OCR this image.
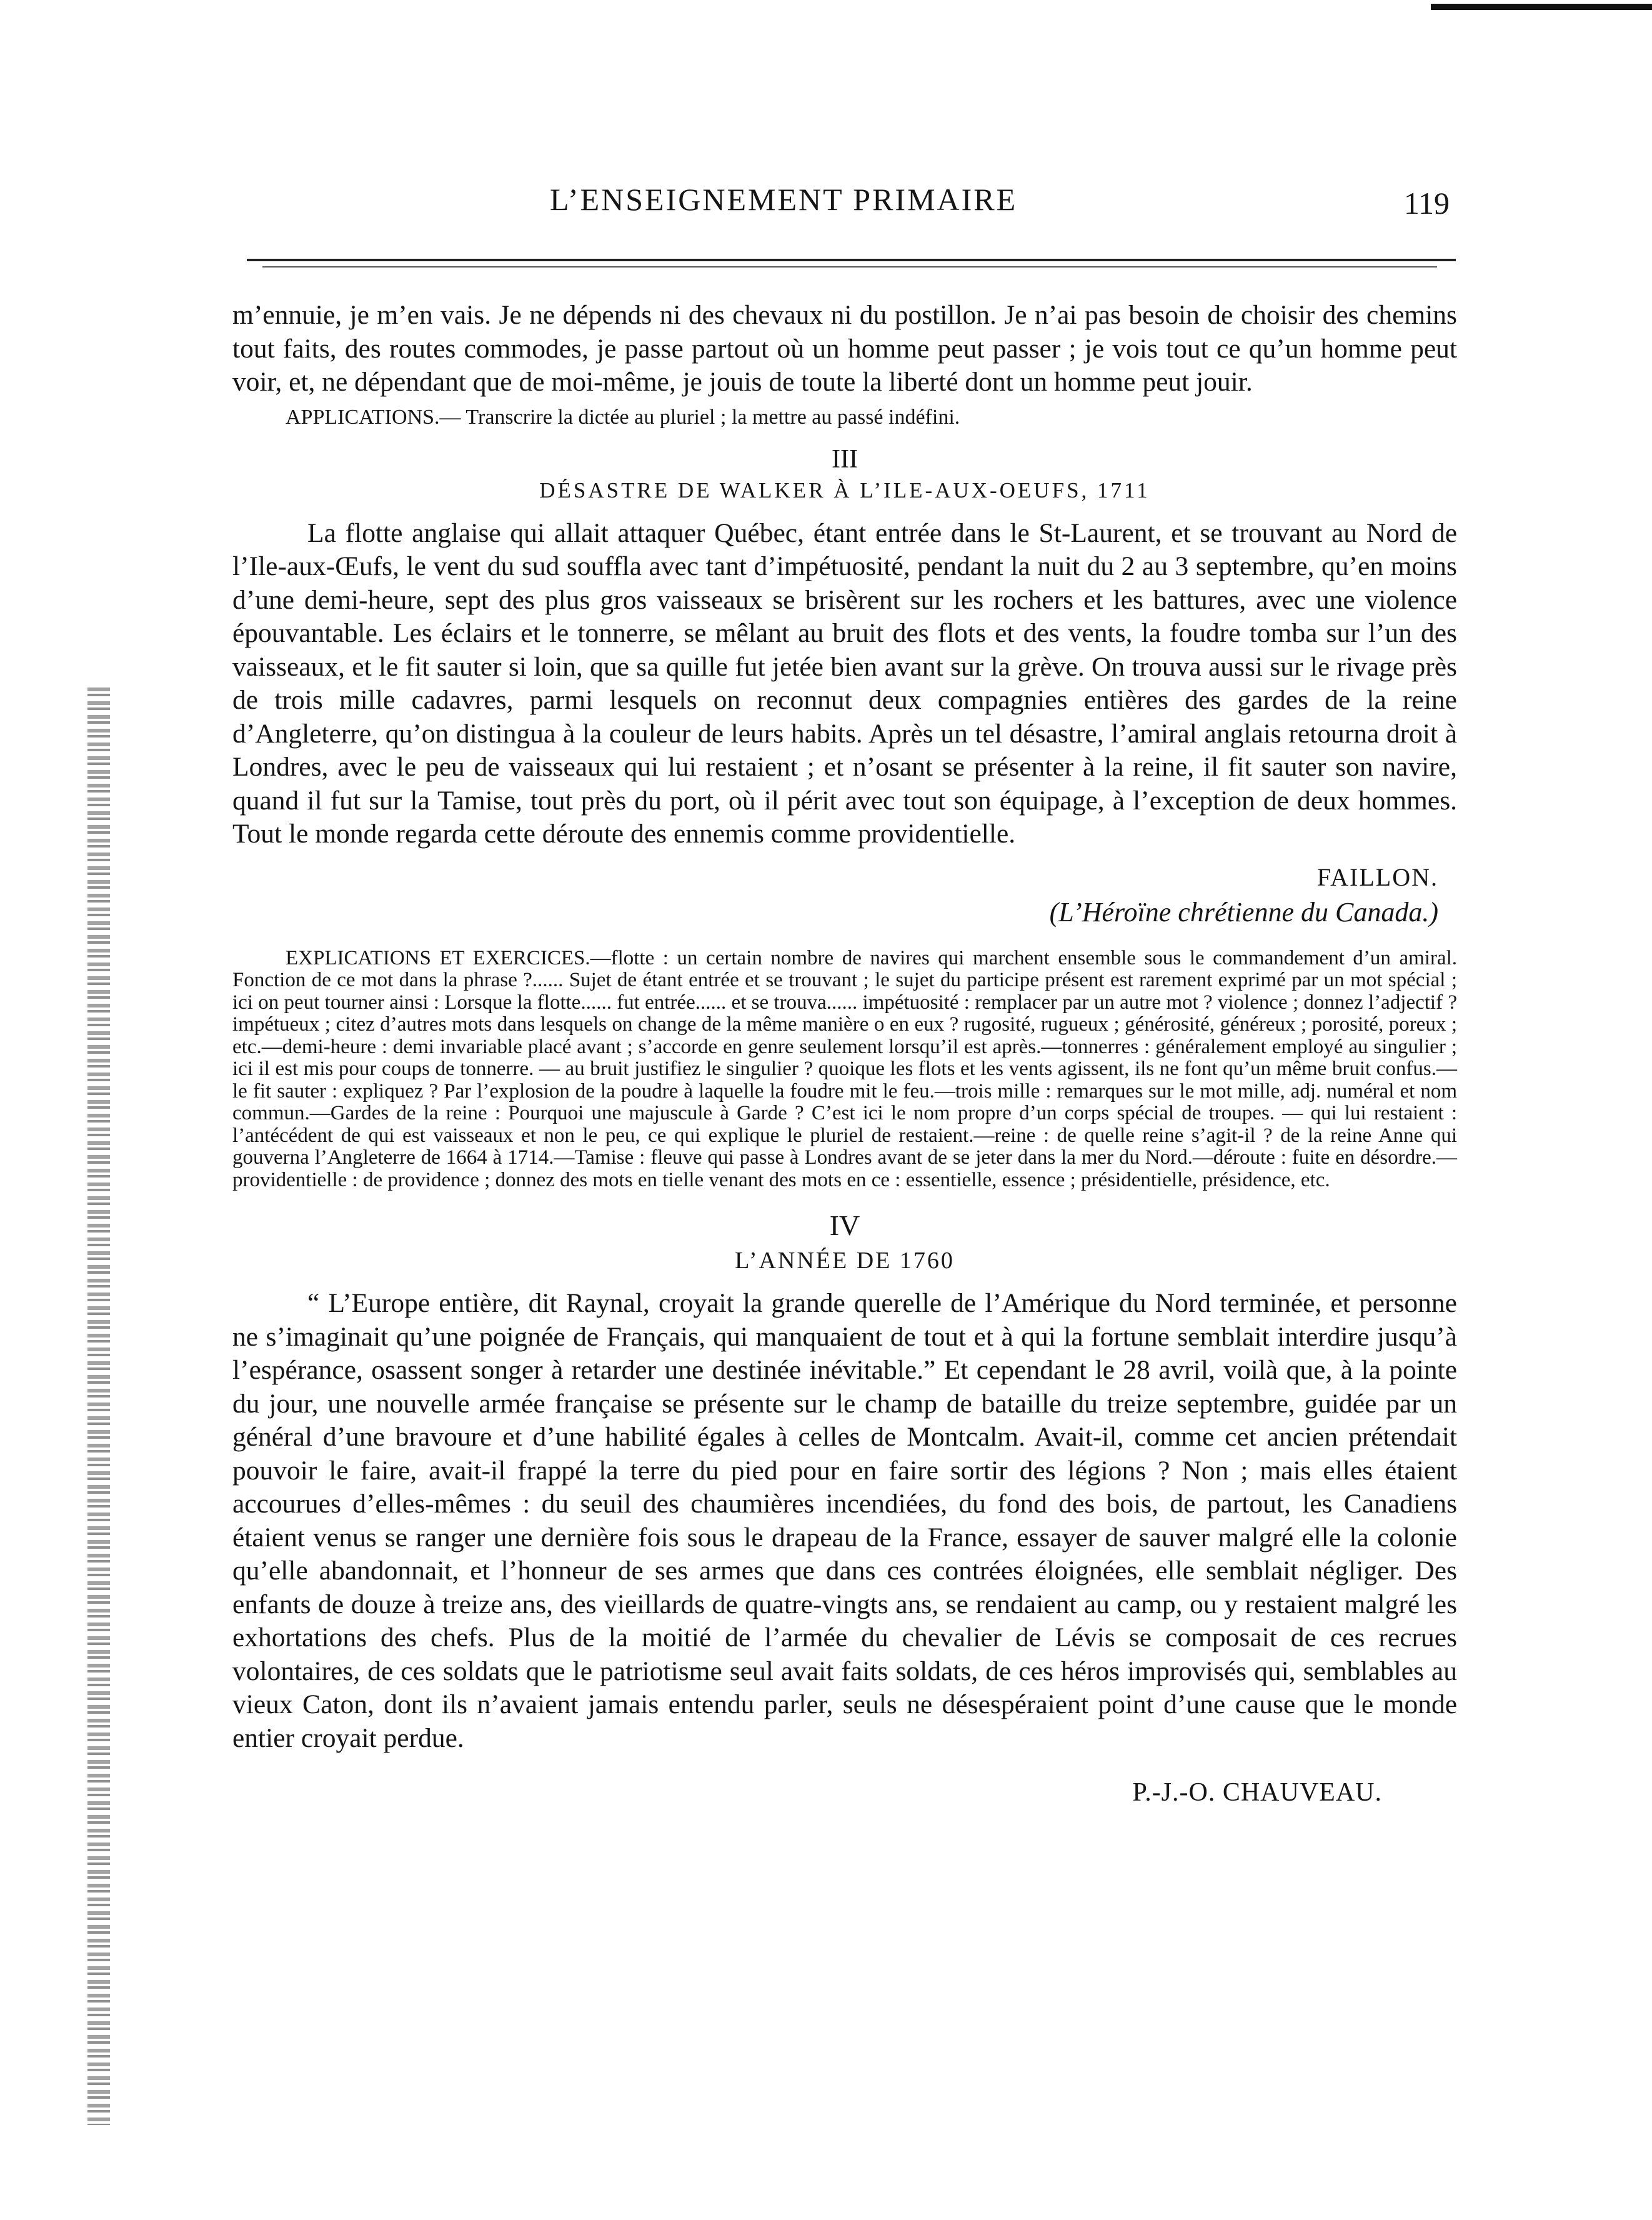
L’ENSEIGNEMENT PRIMAIRE	119

m’ennuie, je m’en vais. Je ne dépends ni des chevaux ni du postillon. Je n’ai pas besoin de choisir des chemins tout faits, des routes commodes, je passe partout où un homme peut passer ; je vois tout ce qu’un homme peut voir, et, ne dépendant que de moi-même, je jouis de toute la liberté dont un homme peut jouir.

APPLICATIONS.— Transcrire la dictée au pluriel ; la mettre au passé indéfini.

III
DÉSASTRE DE WALKER À L’ILE-AUX-OEUFS, 1711

La flotte anglaise qui allait attaquer Québec, étant entrée dans le St-Laurent, et se trouvant au Nord de l’Ile-aux-Œufs, le vent du sud souffla avec tant d’impétuosité, pendant la nuit du 2 au 3 septembre, qu’en moins d’une demi-heure, sept des plus gros vaisseaux se brisèrent sur les rochers et les battures, avec une violence épouvantable. Les éclairs et le tonnerre, se mêlant au bruit des flots et des vents, la foudre tomba sur l’un des vaisseaux, et le fit sauter si loin, que sa quille fut jetée bien avant sur la grève. On trouva aussi sur le rivage près de trois mille cadavres, parmi lesquels on reconnut deux compagnies entières des gardes de la reine d’Angleterre, qu’on distingua à la couleur de leurs habits. Après un tel désastre, l’amiral anglais retourna droit à Londres, avec le peu de vaisseaux qui lui restaient ; et n’osant se présenter à la reine, il fit sauter son navire, quand il fut sur la Tamise, tout près du port, où il périt avec tout son équipage, à l’exception de deux hommes. Tout le monde regarda cette déroute des ennemis comme providentielle.

FAILLON.
(L’Héroïne chrétienne du Canada.)

EXPLICATIONS ET EXERCICES.—flotte : un certain nombre de navires qui marchent ensemble sous le commandement d’un amiral. Fonction de ce mot dans la phrase ?...... Sujet de étant entrée et se trouvant ; le sujet du participe présent est rarement exprimé par un mot spécial ; ici on peut tourner ainsi : Lorsque la flotte...... fut entrée...... et se trouva...... impétuosité : remplacer par un autre mot ? violence ; donnez l’adjectif ? impétueux ; citez d’autres mots dans lesquels on change de la même manière o en eux ? rugosité, rugueux ; générosité, généreux ; porosité, poreux ; etc.—demi-heure : demi invariable placé avant ; s’accorde en genre seulement lorsqu’il est après.—tonnerres : généralement employé au singulier ; ici il est mis pour coups de tonnerre. — au bruit justifiez le singulier ? quoique les flots et les vents agissent, ils ne font qu’un même bruit confus.—le fit sauter : expliquez ? Par l’explosion de la poudre à laquelle la foudre mit le feu.—trois mille : remarques sur le mot mille, adj. numéral et nom commun.—Gardes de la reine : Pourquoi une majuscule à Garde ? C’est ici le nom propre d’un corps spécial de troupes. — qui lui restaient : l’antécédent de qui est vaisseaux et non le peu, ce qui explique le pluriel de restaient.—reine : de quelle reine s’agit-il ? de la reine Anne qui gouverna l’Angleterre de 1664 à 1714.—Tamise : fleuve qui passe à Londres avant de se jeter dans la mer du Nord.—déroute : fuite en désordre.—providentielle : de providence ; donnez des mots en tielle venant des mots en ce : essentielle, essence ; présidentielle, présidence, etc.

IV
L’ANNÉE DE 1760

“ L’Europe entière, dit Raynal, croyait la grande querelle de l’Amérique du Nord terminée, et personne ne s’imaginait qu’une poignée de Français, qui manquaient de tout et à qui la fortune semblait interdire jusqu’à l’espérance, osassent songer à retarder une destinée inévitable.” Et cependant le 28 avril, voilà que, à la pointe du jour, une nouvelle armée française se présente sur le champ de bataille du treize septembre, guidée par un général d’une bravoure et d’une habilité égales à celles de Montcalm. Avait-il, comme cet ancien prétendait pouvoir le faire, avait-il frappé la terre du pied pour en faire sortir des légions ? Non ; mais elles étaient accourues d’elles-mêmes : du seuil des chaumières incendiées, du fond des bois, de partout, les Canadiens étaient venus se ranger une dernière fois sous le drapeau de la France, essayer de sauver malgré elle la colonie qu’elle abandonnait, et l’honneur de ses armes que dans ces contrées éloignées, elle semblait négliger. Des enfants de douze à treize ans, des vieillards de quatre-vingts ans, se rendaient au camp, ou y restaient malgré les exhortations des chefs. Plus de la moitié de l’armée du chevalier de Lévis se composait de ces recrues volontaires, de ces soldats que le patriotisme seul avait faits soldats, de ces héros improvisés qui, semblables au vieux Caton, dont ils n’avaient jamais entendu parler, seuls ne désespéraient point d’une cause que le monde entier croyait perdue.

P.-J.-O. CHAUVEAU.
